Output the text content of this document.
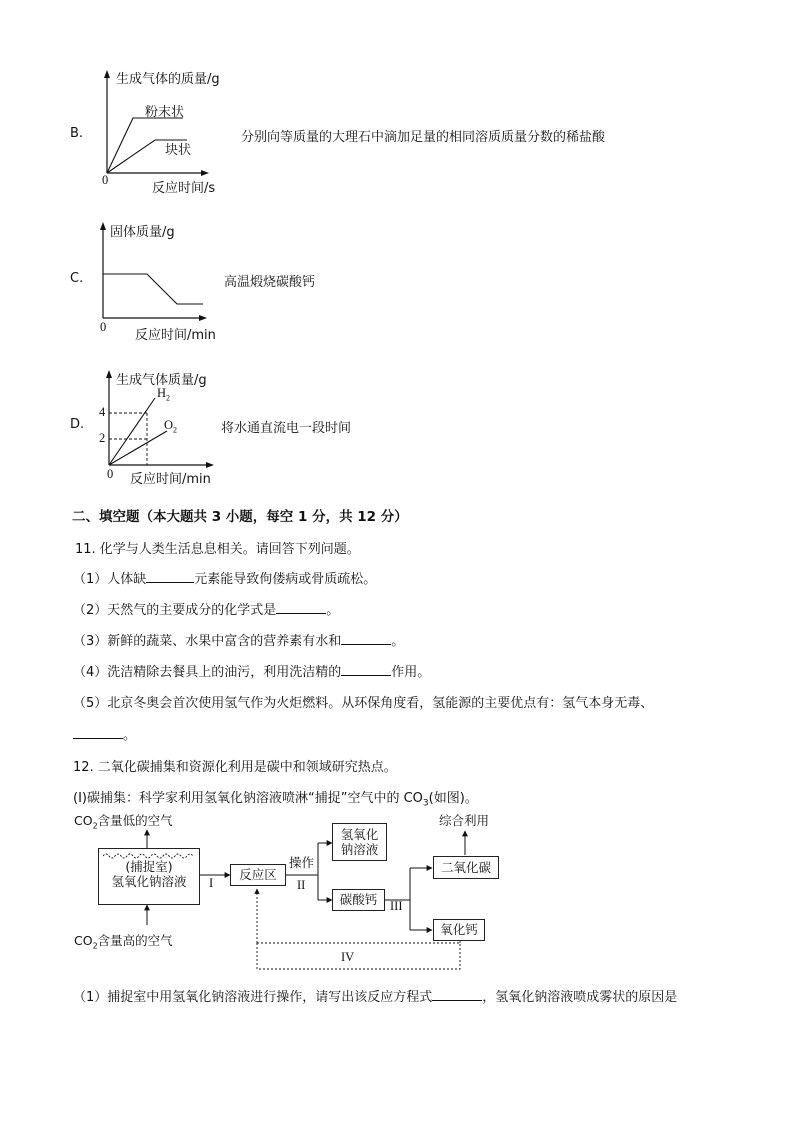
B.
生成气体的质量/g
粉末状
块状
0
反应时间/s
分别向等质量的大理石中滴加足量的相同溶质质量分数的稀盐酸
C.
固体质量/g
0
反应时间/min
高温煅烧碳酸钙
D.
生成气体质量/g
4
2
$H_2$
$O_2$
0 反应时间/min
将水通直流电一段时间
二、填空题（本大题共 3 小题，每空 1 分，共 12 分）
11. 化学与人类生活息息相关。请回答下列问题。
（1）人体缺	元素能导致佝偻病或骨质疏松。
（2）天然气的主要成分的化学式是	。
（3）新鲜的蔬菜、水果中富含的营养素有水和	。
（4）洗洁精除去餐具上的油污，利用洗洁精的	作用。
（5）北京冬奥会首次使用氢气作为火炬燃料。从环保角度看，氢能源的主要优点有：氢气本身无毒、
。
12. 二氧化碳捕集和资源化利用是碳中和领域研究热点。
(Ⅰ)碳捕集：科学家利用氢氧化钠溶液喷淋“捕捉”空气中的 $CO_3$(如图)。
$CO_2$含量低的空气
$CO_2$含量高的空气
(捕捉室)
氢氧化钠溶液	I
反应区
操作
II
氢氧化
钠溶液
碳酸钙	III
综合利用
二氧化碳
氧化钙
IV
（1）捕捉室中用氢氧化钠溶液进行操作，请写出该反应方程式	，氢氧化钠溶液喷成雾状的原因是
